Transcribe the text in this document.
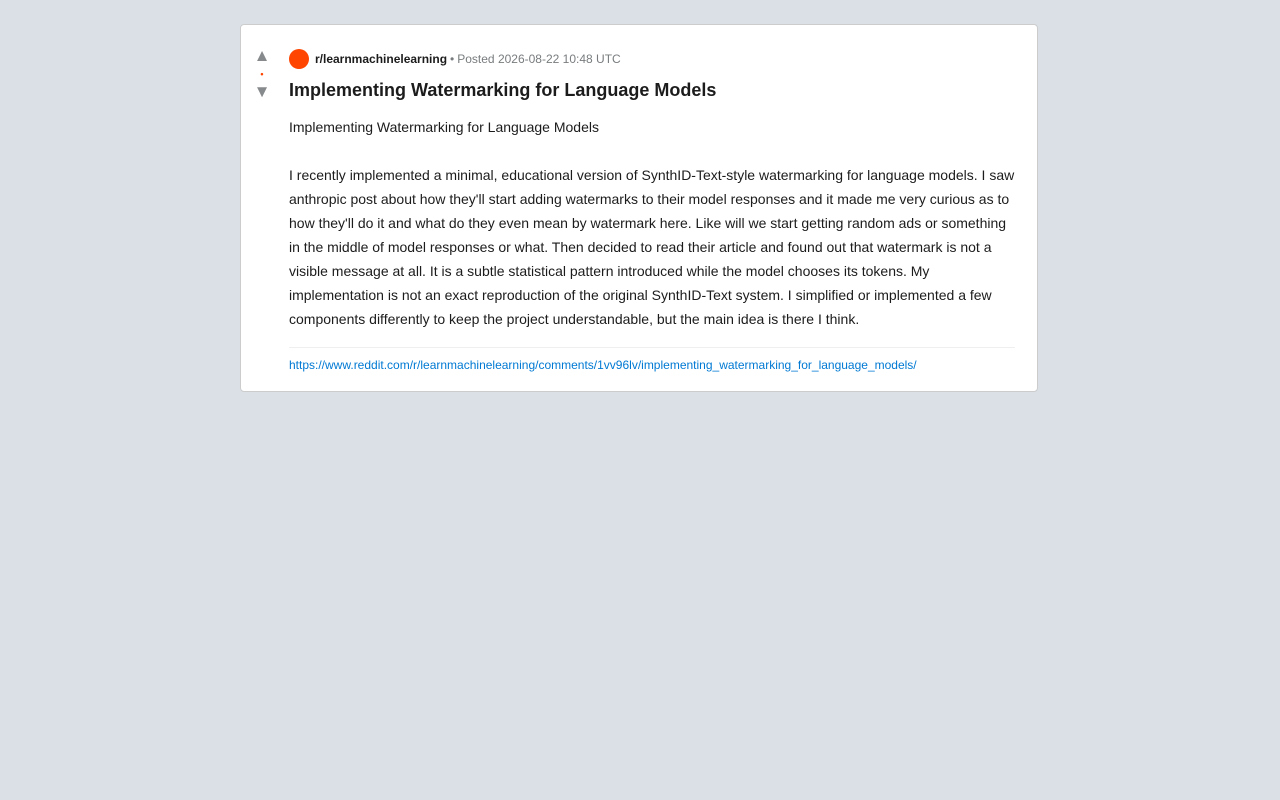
▲
•
▼
r/learnmachinelearning • Posted 2026-08-22 10:48 UTC
Implementing Watermarking for Language Models

Implementing Watermarking for Language Models

I recently implemented a minimal, educational version of SynthID-Text-style watermarking for language models. I saw anthropic post about how they'll start adding watermarks to their model responses and it made me very curious as to how they'll do it and what do they even mean by watermark here. Like will we start getting random ads or something in the middle of model responses or what. Then decided to read their article and found out that watermark is not a visible message at all. It is a subtle statistical pattern introduced while the model chooses its tokens. My implementation is not an exact reproduction of the original SynthID-Text system. I simplified or implemented a few components differently to keep the project understandable, but the main idea is there I think.

https://www.reddit.com/r/learnmachinelearning/comments/1vv96lv/implementing_watermarking_for_language_models/
